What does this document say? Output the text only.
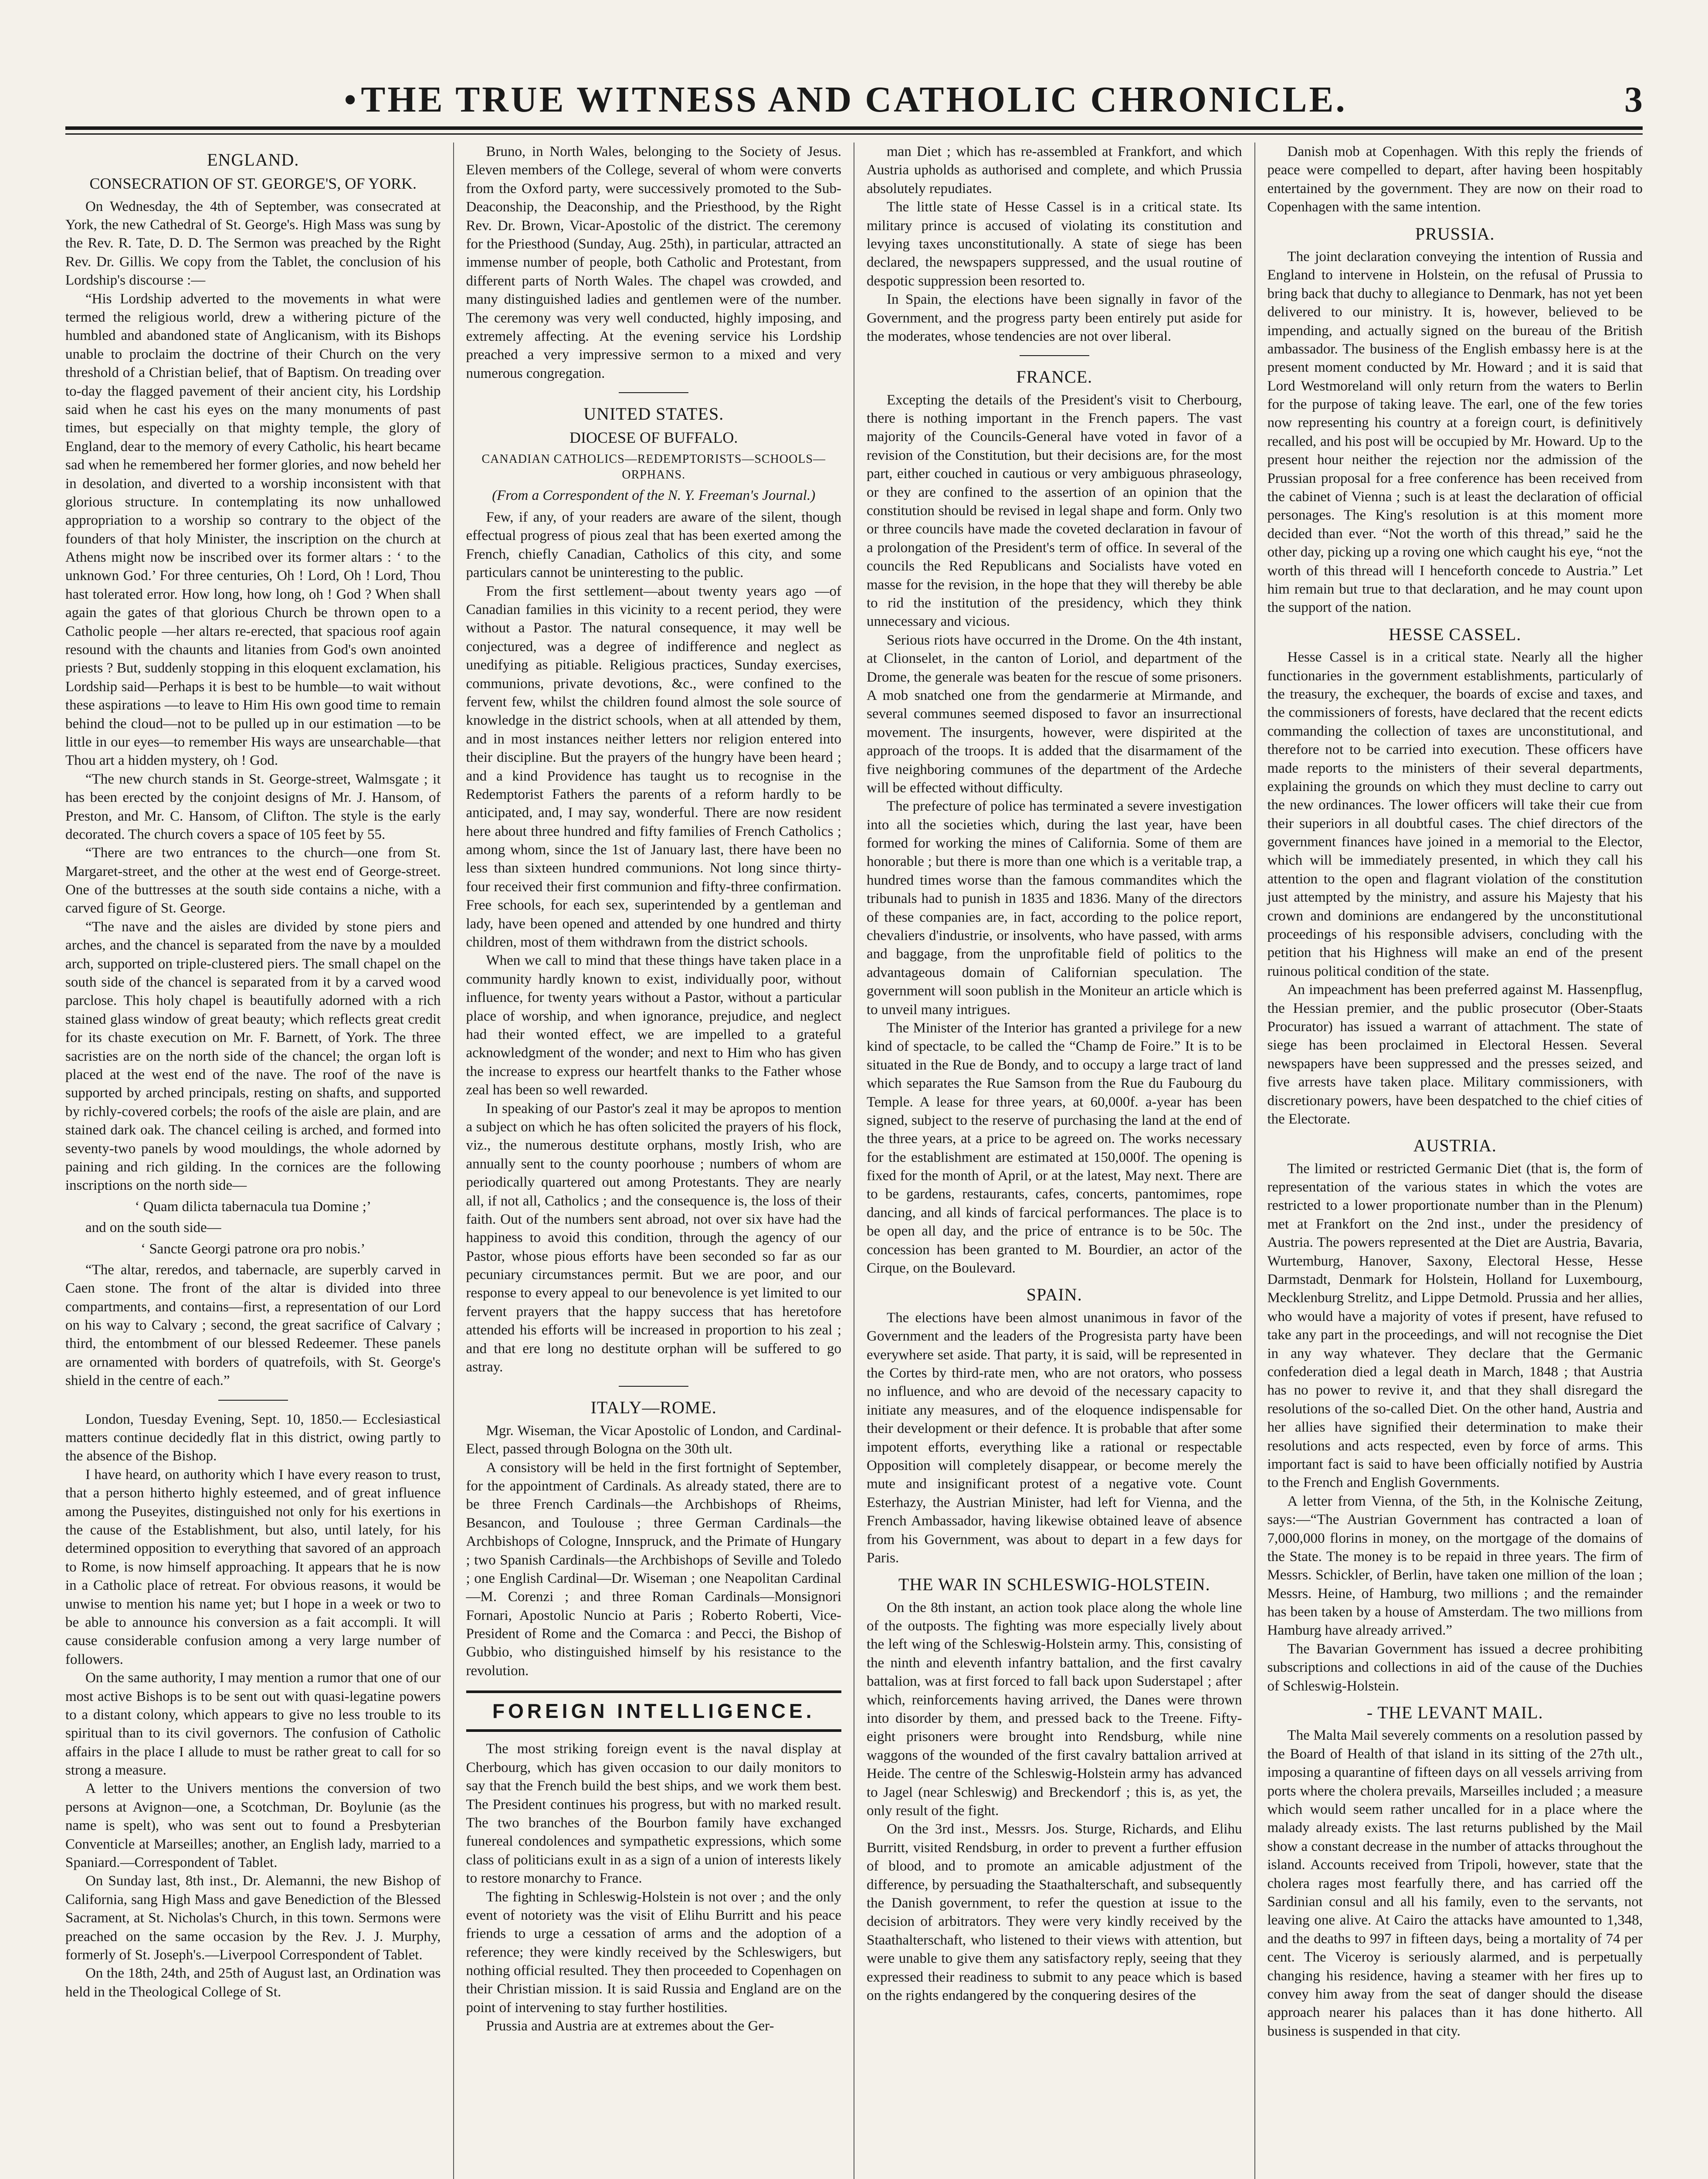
• THE TRUE WITNESS AND CATHOLIC CHRONICLE.	3
ENGLAND.
CONSECRATION OF ST. GEORGE'S, OF YORK.

On Wednesday, the 4th of September, was consecrated at York, the new Cathedral of St. George's. High Mass was sung by the Rev. R. Tate, D. D. The Sermon was preached by the Right Rev. Dr. Gillis. We copy from the Tablet, the conclusion of his Lordship's discourse :—

“His Lordship adverted to the movements in what were termed the religious world, drew a withering picture of the humbled and abandoned state of Anglicanism, with its Bishops unable to proclaim the doctrine of their Church on the very threshold of a Christian belief, that of Baptism. On treading over to-day the flagged pavement of their ancient city, his Lordship said when he cast his eyes on the many monuments of past times, but especially on that mighty temple, the glory of England, dear to the memory of every Catholic, his heart became sad when he remembered her former glories, and now beheld her in desolation, and diverted to a worship inconsistent with that glorious structure. In contemplating its now unhallowed appropriation to a worship so contrary to the object of the founders of that holy Minister, the inscription on the church at Athens might now be inscribed over its former altars : ‘ to the unknown God.’ For three centuries, Oh ! Lord, Oh ! Lord, Thou hast tolerated error. How long, how long, oh ! God ? When shall again the gates of that glorious Church be thrown open to a Catholic people —her altars re-erected, that spacious roof again resound with the chaunts and litanies from God's own anointed priests ? But, suddenly stopping in this eloquent exclamation, his Lordship said—Perhaps it is best to be humble—to wait without these aspirations —to leave to Him His own good time to remain behind the cloud—not to be pulled up in our estimation —to be little in our eyes—to remember His ways are unsearchable—that Thou art a hidden mystery, oh ! God.

“The new church stands in St. George-street, Walmsgate ; it has been erected by the conjoint designs of Mr. J. Hansom, of Preston, and Mr. C. Hansom, of Clifton. The style is the early decorated. The church covers a space of 105 feet by 55.

“There are two entrances to the church—one from St. Margaret-street, and the other at the west end of George-street. One of the buttresses at the south side contains a niche, with a carved figure of St. George.

“The nave and the aisles are divided by stone piers and arches, and the chancel is separated from the nave by a moulded arch, supported on triple-clustered piers. The small chapel on the south side of the chancel is separated from it by a carved wood parclose. This holy chapel is beautifully adorned with a rich stained glass window of great beauty; which reflects great credit for its chaste execution on Mr. F. Barnett, of York. The three sacristies are on the north side of the chancel; the organ loft is placed at the west end of the nave. The roof of the nave is supported by arched principals, resting on shafts, and supported by richly-covered corbels; the roofs of the aisle are plain, and are stained dark oak. The chancel ceiling is arched, and formed into seventy-two panels by wood mouldings, the whole adorned by paining and rich gilding. In the cornices are the following inscriptions on the north side—

‘ Quam dilicta tabernacula tua Domine ;’

and on the south side—

‘ Sancte Georgi patrone ora pro nobis.’

“The altar, reredos, and tabernacle, are superbly carved in Caen stone. The front of the altar is divided into three compartments, and contains—first, a representation of our Lord on his way to Calvary ; second, the great sacrifice of Calvary ; third, the entombment of our blessed Redeemer. These panels are ornamented with borders of quatrefoils, with St. George's shield in the centre of each.”

London, Tuesday Evening, Sept. 10, 1850.— Ecclesiastical matters continue decidedly flat in this district, owing partly to the absence of the Bishop.

I have heard, on authority which I have every reason to trust, that a person hitherto highly esteemed, and of great influence among the Puseyites, distinguished not only for his exertions in the cause of the Establishment, but also, until lately, for his determined opposition to everything that savored of an approach to Rome, is now himself approaching. It appears that he is now in a Catholic place of retreat. For obvious reasons, it would be unwise to mention his name yet; but I hope in a week or two to be able to announce his conversion as a fait accompli. It will cause considerable confusion among a very large number of followers.

On the same authority, I may mention a rumor that one of our most active Bishops is to be sent out with quasi-legatine powers to a distant colony, which appears to give no less trouble to its spiritual than to its civil governors. The confusion of Catholic affairs in the place I allude to must be rather great to call for so strong a measure.

A letter to the Univers mentions the conversion of two persons at Avignon—one, a Scotchman, Dr. Boylunie (as the name is spelt), who was sent out to found a Presbyterian Conventicle at Marseilles; another, an English lady, married to a Spaniard.—Correspondent of Tablet.

On Sunday last, 8th inst., Dr. Alemanni, the new Bishop of California, sang High Mass and gave Benediction of the Blessed Sacrament, at St. Nicholas's Church, in this town. Sermons were preached on the same occasion by the Rev. J. J. Murphy, formerly of St. Joseph's.—Liverpool Correspondent of Tablet.

On the 18th, 24th, and 25th of August last, an Ordination was held in the Theological College of St.

Bruno, in North Wales, belonging to the Society of Jesus. Eleven members of the College, several of whom were converts from the Oxford party, were successively promoted to the Sub-Deaconship, the Deaconship, and the Priesthood, by the Right Rev. Dr. Brown, Vicar-Apostolic of the district. The ceremony for the Priesthood (Sunday, Aug. 25th), in particular, attracted an immense number of people, both Catholic and Protestant, from different parts of North Wales. The chapel was crowded, and many distinguished ladies and gentlemen were of the number. The ceremony was very well conducted, highly imposing, and extremely affecting. At the evening service his Lordship preached a very impressive sermon to a mixed and very numerous congregation.

UNITED STATES.
DIOCESE OF BUFFALO.
CANADIAN CATHOLICS—REDEMPTORISTS—SCHOOLS—ORPHANS.
(From a Correspondent of the N. Y. Freeman's Journal.)

Few, if any, of your readers are aware of the silent, though effectual progress of pious zeal that has been exerted among the French, chiefly Canadian, Catholics of this city, and some particulars cannot be uninteresting to the public.

From the first settlement—about twenty years ago —of Canadian families in this vicinity to a recent period, they were without a Pastor. The natural consequence, it may well be conjectured, was a degree of indifference and neglect as unedifying as pitiable. Religious practices, Sunday exercises, communions, private devotions, &c., were confined to the fervent few, whilst the children found almost the sole source of knowledge in the district schools, when at all attended by them, and in most instances neither letters nor religion entered into their discipline. But the prayers of the hungry have been heard ; and a kind Providence has taught us to recognise in the Redemptorist Fathers the parents of a reform hardly to be anticipated, and, I may say, wonderful. There are now resident here about three hundred and fifty families of French Catholics ; among whom, since the 1st of January last, there have been no less than sixteen hundred communions. Not long since thirty-four received their first communion and fifty-three confirmation. Free schools, for each sex, superintended by a gentleman and lady, have been opened and attended by one hundred and thirty children, most of them withdrawn from the district schools.

When we call to mind that these things have taken place in a community hardly known to exist, individually poor, without influence, for twenty years without a Pastor, without a particular place of worship, and when ignorance, prejudice, and neglect had their wonted effect, we are impelled to a grateful acknowledgment of the wonder; and next to Him who has given the increase to express our heartfelt thanks to the Father whose zeal has been so well rewarded.

In speaking of our Pastor's zeal it may be apropos to mention a subject on which he has often solicited the prayers of his flock, viz., the numerous destitute orphans, mostly Irish, who are annually sent to the county poorhouse ; numbers of whom are periodically quartered out among Protestants. They are nearly all, if not all, Catholics ; and the consequence is, the loss of their faith. Out of the numbers sent abroad, not over six have had the happiness to avoid this condition, through the agency of our Pastor, whose pious efforts have been seconded so far as our pecuniary circumstances permit. But we are poor, and our response to every appeal to our benevolence is yet limited to our fervent prayers that the happy success that has heretofore attended his efforts will be increased in proportion to his zeal ; and that ere long no destitute orphan will be suffered to go astray.

ITALY—ROME.

Mgr. Wiseman, the Vicar Apostolic of London, and Cardinal-Elect, passed through Bologna on the 30th ult.

A consistory will be held in the first fortnight of September, for the appointment of Cardinals. As already stated, there are to be three French Cardinals—the Archbishops of Rheims, Besancon, and Toulouse ; three German Cardinals—the Archbishops of Cologne, Innspruck, and the Primate of Hungary ; two Spanish Cardinals—the Archbishops of Seville and Toledo ; one English Cardinal—Dr. Wiseman ; one Neapolitan Cardinal—M. Corenzi ; and three Roman Cardinals—Monsignori Fornari, Apostolic Nuncio at Paris ; Roberto Roberti, Vice-President of Rome and the Comarca : and Pecci, the Bishop of Gubbio, who distinguished himself by his resistance to the revolution.

FOREIGN INTELLIGENCE.

The most striking foreign event is the naval display at Cherbourg, which has given occasion to our daily monitors to say that the French build the best ships, and we work them best. The President continues his progress, but with no marked result. The two branches of the Bourbon family have exchanged funereal condolences and sympathetic expressions, which some class of politicians exult in as a sign of a union of interests likely to restore monarchy to France.

The fighting in Schleswig-Holstein is not over ; and the only event of notoriety was the visit of Elihu Burritt and his peace friends to urge a cessation of arms and the adoption of a reference; they were kindly received by the Schleswigers, but nothing official resulted. They then proceeded to Copenhagen on their Christian mission. It is said Russia and England are on the point of intervening to stay further hostilities.

Prussia and Austria are at extremes about the Ger-

man Diet ; which has re-assembled at Frankfort, and which Austria upholds as authorised and complete, and which Prussia absolutely repudiates.

The little state of Hesse Cassel is in a critical state. Its military prince is accused of violating its constitution and levying taxes unconstitutionally. A state of siege has been declared, the newspapers suppressed, and the usual routine of despotic suppression been resorted to.

In Spain, the elections have been signally in favor of the Government, and the progress party been entirely put aside for the moderates, whose tendencies are not over liberal.

FRANCE.

Excepting the details of the President's visit to Cherbourg, there is nothing important in the French papers. The vast majority of the Councils-General have voted in favor of a revision of the Constitution, but their decisions are, for the most part, either couched in cautious or very ambiguous phraseology, or they are confined to the assertion of an opinion that the constitution should be revised in legal shape and form. Only two or three councils have made the coveted declaration in favour of a prolongation of the President's term of office. In several of the councils the Red Republicans and Socialists have voted en masse for the revision, in the hope that they will thereby be able to rid the institution of the presidency, which they think unnecessary and vicious.

Serious riots have occurred in the Drome. On the 4th instant, at Clionselet, in the canton of Loriol, and department of the Drome, the generale was beaten for the rescue of some prisoners. A mob snatched one from the gendarmerie at Mirmande, and several communes seemed disposed to favor an insurrectional movement. The insurgents, however, were dispirited at the approach of the troops. It is added that the disarmament of the five neighboring communes of the department of the Ardeche will be effected without difficulty.

The prefecture of police has terminated a severe investigation into all the societies which, during the last year, have been formed for working the mines of California. Some of them are honorable ; but there is more than one which is a veritable trap, a hundred times worse than the famous commandites which the tribunals had to punish in 1835 and 1836. Many of the directors of these companies are, in fact, according to the police report, chevaliers d'industrie, or insolvents, who have passed, with arms and baggage, from the unprofitable field of politics to the advantageous domain of Californian speculation. The government will soon publish in the Moniteur an article which is to unveil many intrigues.

The Minister of the Interior has granted a privilege for a new kind of spectacle, to be called the “Champ de Foire.” It is to be situated in the Rue de Bondy, and to occupy a large tract of land which separates the Rue Samson from the Rue du Faubourg du Temple. A lease for three years, at 60,000f. a-year has been signed, subject to the reserve of purchasing the land at the end of the three years, at a price to be agreed on. The works necessary for the establishment are estimated at 150,000f. The opening is fixed for the month of April, or at the latest, May next. There are to be gardens, restaurants, cafes, concerts, pantomimes, rope dancing, and all kinds of farcical performances. The place is to be open all day, and the price of entrance is to be 50c. The concession has been granted to M. Bourdier, an actor of the Cirque, on the Boulevard.

SPAIN.

The elections have been almost unanimous in favor of the Government and the leaders of the Progresista party have been everywhere set aside. That party, it is said, will be represented in the Cortes by third-rate men, who are not orators, who possess no influence, and who are devoid of the necessary capacity to initiate any measures, and of the eloquence indispensable for their development or their defence. It is probable that after some impotent efforts, everything like a rational or respectable Opposition will completely disappear, or become merely the mute and insignificant protest of a negative vote. Count Esterhazy, the Austrian Minister, had left for Vienna, and the French Ambassador, having likewise obtained leave of absence from his Government, was about to depart in a few days for Paris.

THE WAR IN SCHLESWIG-HOLSTEIN.

On the 8th instant, an action took place along the whole line of the outposts. The fighting was more especially lively about the left wing of the Schleswig-Holstein army. This, consisting of the ninth and eleventh infantry battalion, and the first cavalry battalion, was at first forced to fall back upon Suderstapel ; after which, reinforcements having arrived, the Danes were thrown into disorder by them, and pressed back to the Treene. Fifty-eight prisoners were brought into Rendsburg, while nine waggons of the wounded of the first cavalry battalion arrived at Heide. The centre of the Schleswig-Holstein army has advanced to Jagel (near Schleswig) and Breckendorf ; this is, as yet, the only result of the fight.

On the 3rd inst., Messrs. Jos. Sturge, Richards, and Elihu Burritt, visited Rendsburg, in order to prevent a further effusion of blood, and to promote an amicable adjustment of the difference, by persuading the Staathalterschaft, and subsequently the Danish government, to refer the question at issue to the decision of arbitrators. They were very kindly received by the Staathalterschaft, who listened to their views with attention, but were unable to give them any satisfactory reply, seeing that they expressed their readiness to submit to any peace which is based on the rights endangered by the conquering desires of the

Danish mob at Copenhagen. With this reply the friends of peace were compelled to depart, after having been hospitably entertained by the government. They are now on their road to Copenhagen with the same intention.

PRUSSIA.

The joint declaration conveying the intention of Russia and England to intervene in Holstein, on the refusal of Prussia to bring back that duchy to allegiance to Denmark, has not yet been delivered to our ministry. It is, however, believed to be impending, and actually signed on the bureau of the British ambassador. The business of the English embassy here is at the present moment conducted by Mr. Howard ; and it is said that Lord Westmoreland will only return from the waters to Berlin for the purpose of taking leave. The earl, one of the few tories now representing his country at a foreign court, is definitively recalled, and his post will be occupied by Mr. Howard. Up to the present hour neither the rejection nor the admission of the Prussian proposal for a free conference has been received from the cabinet of Vienna ; such is at least the declaration of official personages. The King's resolution is at this moment more decided than ever. “Not the worth of this thread,” said he the other day, picking up a roving one which caught his eye, “not the worth of this thread will I henceforth concede to Austria.” Let him remain but true to that declaration, and he may count upon the support of the nation.

HESSE CASSEL.

Hesse Cassel is in a critical state. Nearly all the higher functionaries in the government establishments, particularly of the treasury, the exchequer, the boards of excise and taxes, and the commissioners of forests, have declared that the recent edicts commanding the collection of taxes are unconstitutional, and therefore not to be carried into execution. These officers have made reports to the ministers of their several departments, explaining the grounds on which they must decline to carry out the new ordinances. The lower officers will take their cue from their superiors in all doubtful cases. The chief directors of the government finances have joined in a memorial to the Elector, which will be immediately presented, in which they call his attention to the open and flagrant violation of the constitution just attempted by the ministry, and assure his Majesty that his crown and dominions are endangered by the unconstitutional proceedings of his responsible advisers, concluding with the petition that his Highness will make an end of the present ruinous political condition of the state.

An impeachment has been preferred against M. Hassenpflug, the Hessian premier, and the public prosecutor (Ober-Staats Procurator) has issued a warrant of attachment. The state of siege has been proclaimed in Electoral Hessen. Several newspapers have been suppressed and the presses seized, and five arrests have taken place. Military commissioners, with discretionary powers, have been despatched to the chief cities of the Electorate.

AUSTRIA.

The limited or restricted Germanic Diet (that is, the form of representation of the various states in which the votes are restricted to a lower proportionate number than in the Plenum) met at Frankfort on the 2nd inst., under the presidency of Austria. The powers represented at the Diet are Austria, Bavaria, Wurtemburg, Hanover, Saxony, Electoral Hesse, Hesse Darmstadt, Denmark for Holstein, Holland for Luxembourg, Mecklenburg Strelitz, and Lippe Detmold. Prussia and her allies, who would have a majority of votes if present, have refused to take any part in the proceedings, and will not recognise the Diet in any way whatever. They declare that the Germanic confederation died a legal death in March, 1848 ; that Austria has no power to revive it, and that they shall disregard the resolutions of the so-called Diet. On the other hand, Austria and her allies have signified their determination to make their resolutions and acts respected, even by force of arms. This important fact is said to have been officially notified by Austria to the French and English Governments.

A letter from Vienna, of the 5th, in the Kolnische Zeitung, says:—“The Austrian Government has contracted a loan of 7,000,000 florins in money, on the mortgage of the domains of the State. The money is to be repaid in three years. The firm of Messrs. Schickler, of Berlin, have taken one million of the loan ; Messrs. Heine, of Hamburg, two millions ; and the remainder has been taken by a house of Amsterdam. The two millions from Hamburg have already arrived.”

The Bavarian Government has issued a decree prohibiting subscriptions and collections in aid of the cause of the Duchies of Schleswig-Holstein.

- THE LEVANT MAIL.

The Malta Mail severely comments on a resolution passed by the Board of Health of that island in its sitting of the 27th ult., imposing a quarantine of fifteen days on all vessels arriving from ports where the cholera prevails, Marseilles included ; a measure which would seem rather uncalled for in a place where the malady already exists. The last returns published by the Mail show a constant decrease in the number of attacks throughout the island. Accounts received from Tripoli, however, state that the cholera rages most fearfully there, and has carried off the Sardinian consul and all his family, even to the servants, not leaving one alive. At Cairo the attacks have amounted to 1,348, and the deaths to 997 in fifteen days, being a mortality of 74 per cent. The Viceroy is seriously alarmed, and is perpetually changing his residence, having a steamer with her fires up to convey him away from the seat of danger should the disease approach nearer his palaces than it has done hitherto. All business is suspended in that city.
